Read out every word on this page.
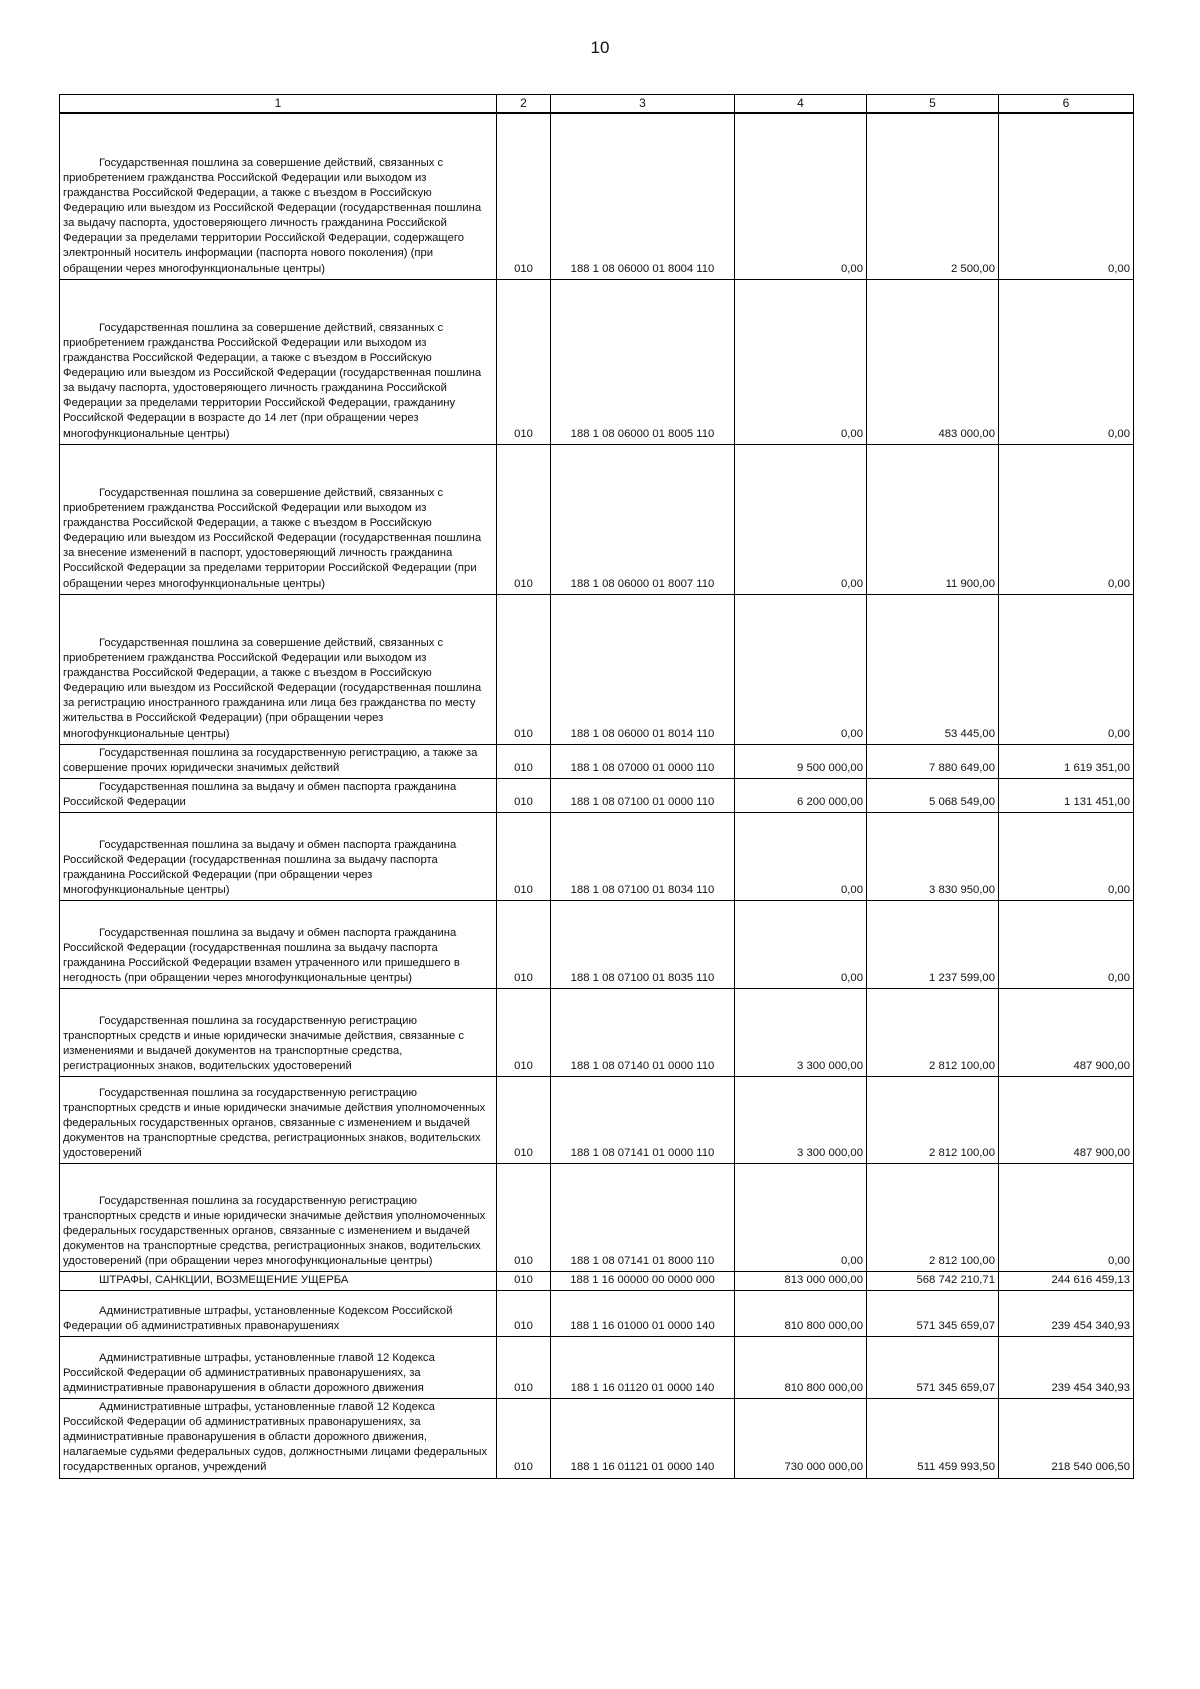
10
1	2	3	4	5	6
Государственная пошлина за совершение действий, связанных с приобретением гражданства Российской Федерации или выходом из гражданства Российской Федерации, а также с въездом в Российскую Федерацию или выездом из Российской Федерации (государственная пошлина за выдачу паспорта, удостоверяющего личность гражданина Российской Федерации за пределами территории Российской Федерации, содержащего электронный носитель информации (паспорта нового поколения) (при обращении через многофункциональные центры)	010	188 1 08 06000 01 8004 110	0,00	2 500,00	0,00
Государственная пошлина за совершение действий, связанных с приобретением гражданства Российской Федерации или выходом из гражданства Российской Федерации, а также с въездом в Российскую Федерацию или выездом из Российской Федерации (государственная пошлина за выдачу паспорта, удостоверяющего личность гражданина Российской Федерации за пределами территории Российской Федерации, гражданину Российской Федерации в возрасте до 14 лет (при обращении через многофункциональные центры)	010	188 1 08 06000 01 8005 110	0,00	483 000,00	0,00
Государственная пошлина за совершение действий, связанных с приобретением гражданства Российской Федерации или выходом из гражданства Российской Федерации, а также с въездом в Российскую Федерацию или выездом из Российской Федерации (государственная пошлина за внесение изменений в паспорт, удостоверяющий личность гражданина Российской Федерации за пределами территории Российской Федерации (при обращении через многофункциональные центры)	010	188 1 08 06000 01 8007 110	0,00	11 900,00	0,00
Государственная пошлина за совершение действий, связанных с приобретением гражданства Российской Федерации или выходом из гражданства Российской Федерации, а также с въездом в Российскую Федерацию или выездом из Российской Федерации (государственная пошлина за регистрацию иностранного гражданина или лица без гражданства по месту жительства в Российской Федерации) (при обращении через многофункциональные центры)	010	188 1 08 06000 01 8014 110	0,00	53 445,00	0,00
Государственная пошлина за государственную регистрацию, а также за совершение прочих юридически значимых действий	010	188 1 08 07000 01 0000 110	9 500 000,00	7 880 649,00	1 619 351,00
Государственная пошлина за выдачу и обмен паспорта гражданина Российской Федерации	010	188 1 08 07100 01 0000 110	6 200 000,00	5 068 549,00	1 131 451,00
Государственная пошлина за выдачу и обмен паспорта гражданина Российской Федерации (государственная пошлина за выдачу паспорта гражданина Российской Федерации (при обращении через многофункциональные центры)	010	188 1 08 07100 01 8034 110	0,00	3 830 950,00	0,00
Государственная пошлина за выдачу и обмен паспорта гражданина Российской Федерации (государственная пошлина за выдачу паспорта гражданина Российской Федерации взамен утраченного или пришедшего в негодность (при обращении через многофункциональные центры)	010	188 1 08 07100 01 8035 110	0,00	1 237 599,00	0,00
Государственная пошлина за государственную регистрацию транспортных средств и иные юридически значимые действия, связанные с изменениями и выдачей документов на транспортные средства, регистрационных знаков, водительских удостоверений	010	188 1 08 07140 01 0000 110	3 300 000,00	2 812 100,00	487 900,00
Государственная пошлина за государственную регистрацию транспортных средств и иные юридически значимые действия уполномоченных федеральных государственных органов, связанные с изменением и выдачей документов на транспортные средства, регистрационных знаков, водительских удостоверений	010	188 1 08 07141 01 0000 110	3 300 000,00	2 812 100,00	487 900,00
Государственная пошлина за государственную регистрацию транспортных средств и иные юридически значимые действия уполномоченных федеральных государственных органов, связанные с изменением и выдачей документов на транспортные средства, регистрационных знаков, водительских удостоверений (при обращении через многофункциональные центры)	010	188 1 08 07141 01 8000 110	0,00	2 812 100,00	0,00
ШТРАФЫ, САНКЦИИ, ВОЗМЕЩЕНИЕ УЩЕРБА	010	188 1 16 00000 00 0000 000	813 000 000,00	568 742 210,71	244 616 459,13
Административные штрафы, установленные Кодексом Российской Федерации об административных правонарушениях	010	188 1 16 01000 01 0000 140	810 800 000,00	571 345 659,07	239 454 340,93
Административные штрафы, установленные главой 12 Кодекса Российской Федерации об административных правонарушениях, за административные правонарушения в области дорожного движения	010	188 1 16 01120 01 0000 140	810 800 000,00	571 345 659,07	239 454 340,93
Административные штрафы, установленные главой 12 Кодекса Российской Федерации об административных правонарушениях, за административные правонарушения в области дорожного движения, налагаемые судьями федеральных судов, должностными лицами федеральных государственных органов, учреждений	010	188 1 16 01121 01 0000 140	730 000 000,00	511 459 993,50	218 540 006,50
